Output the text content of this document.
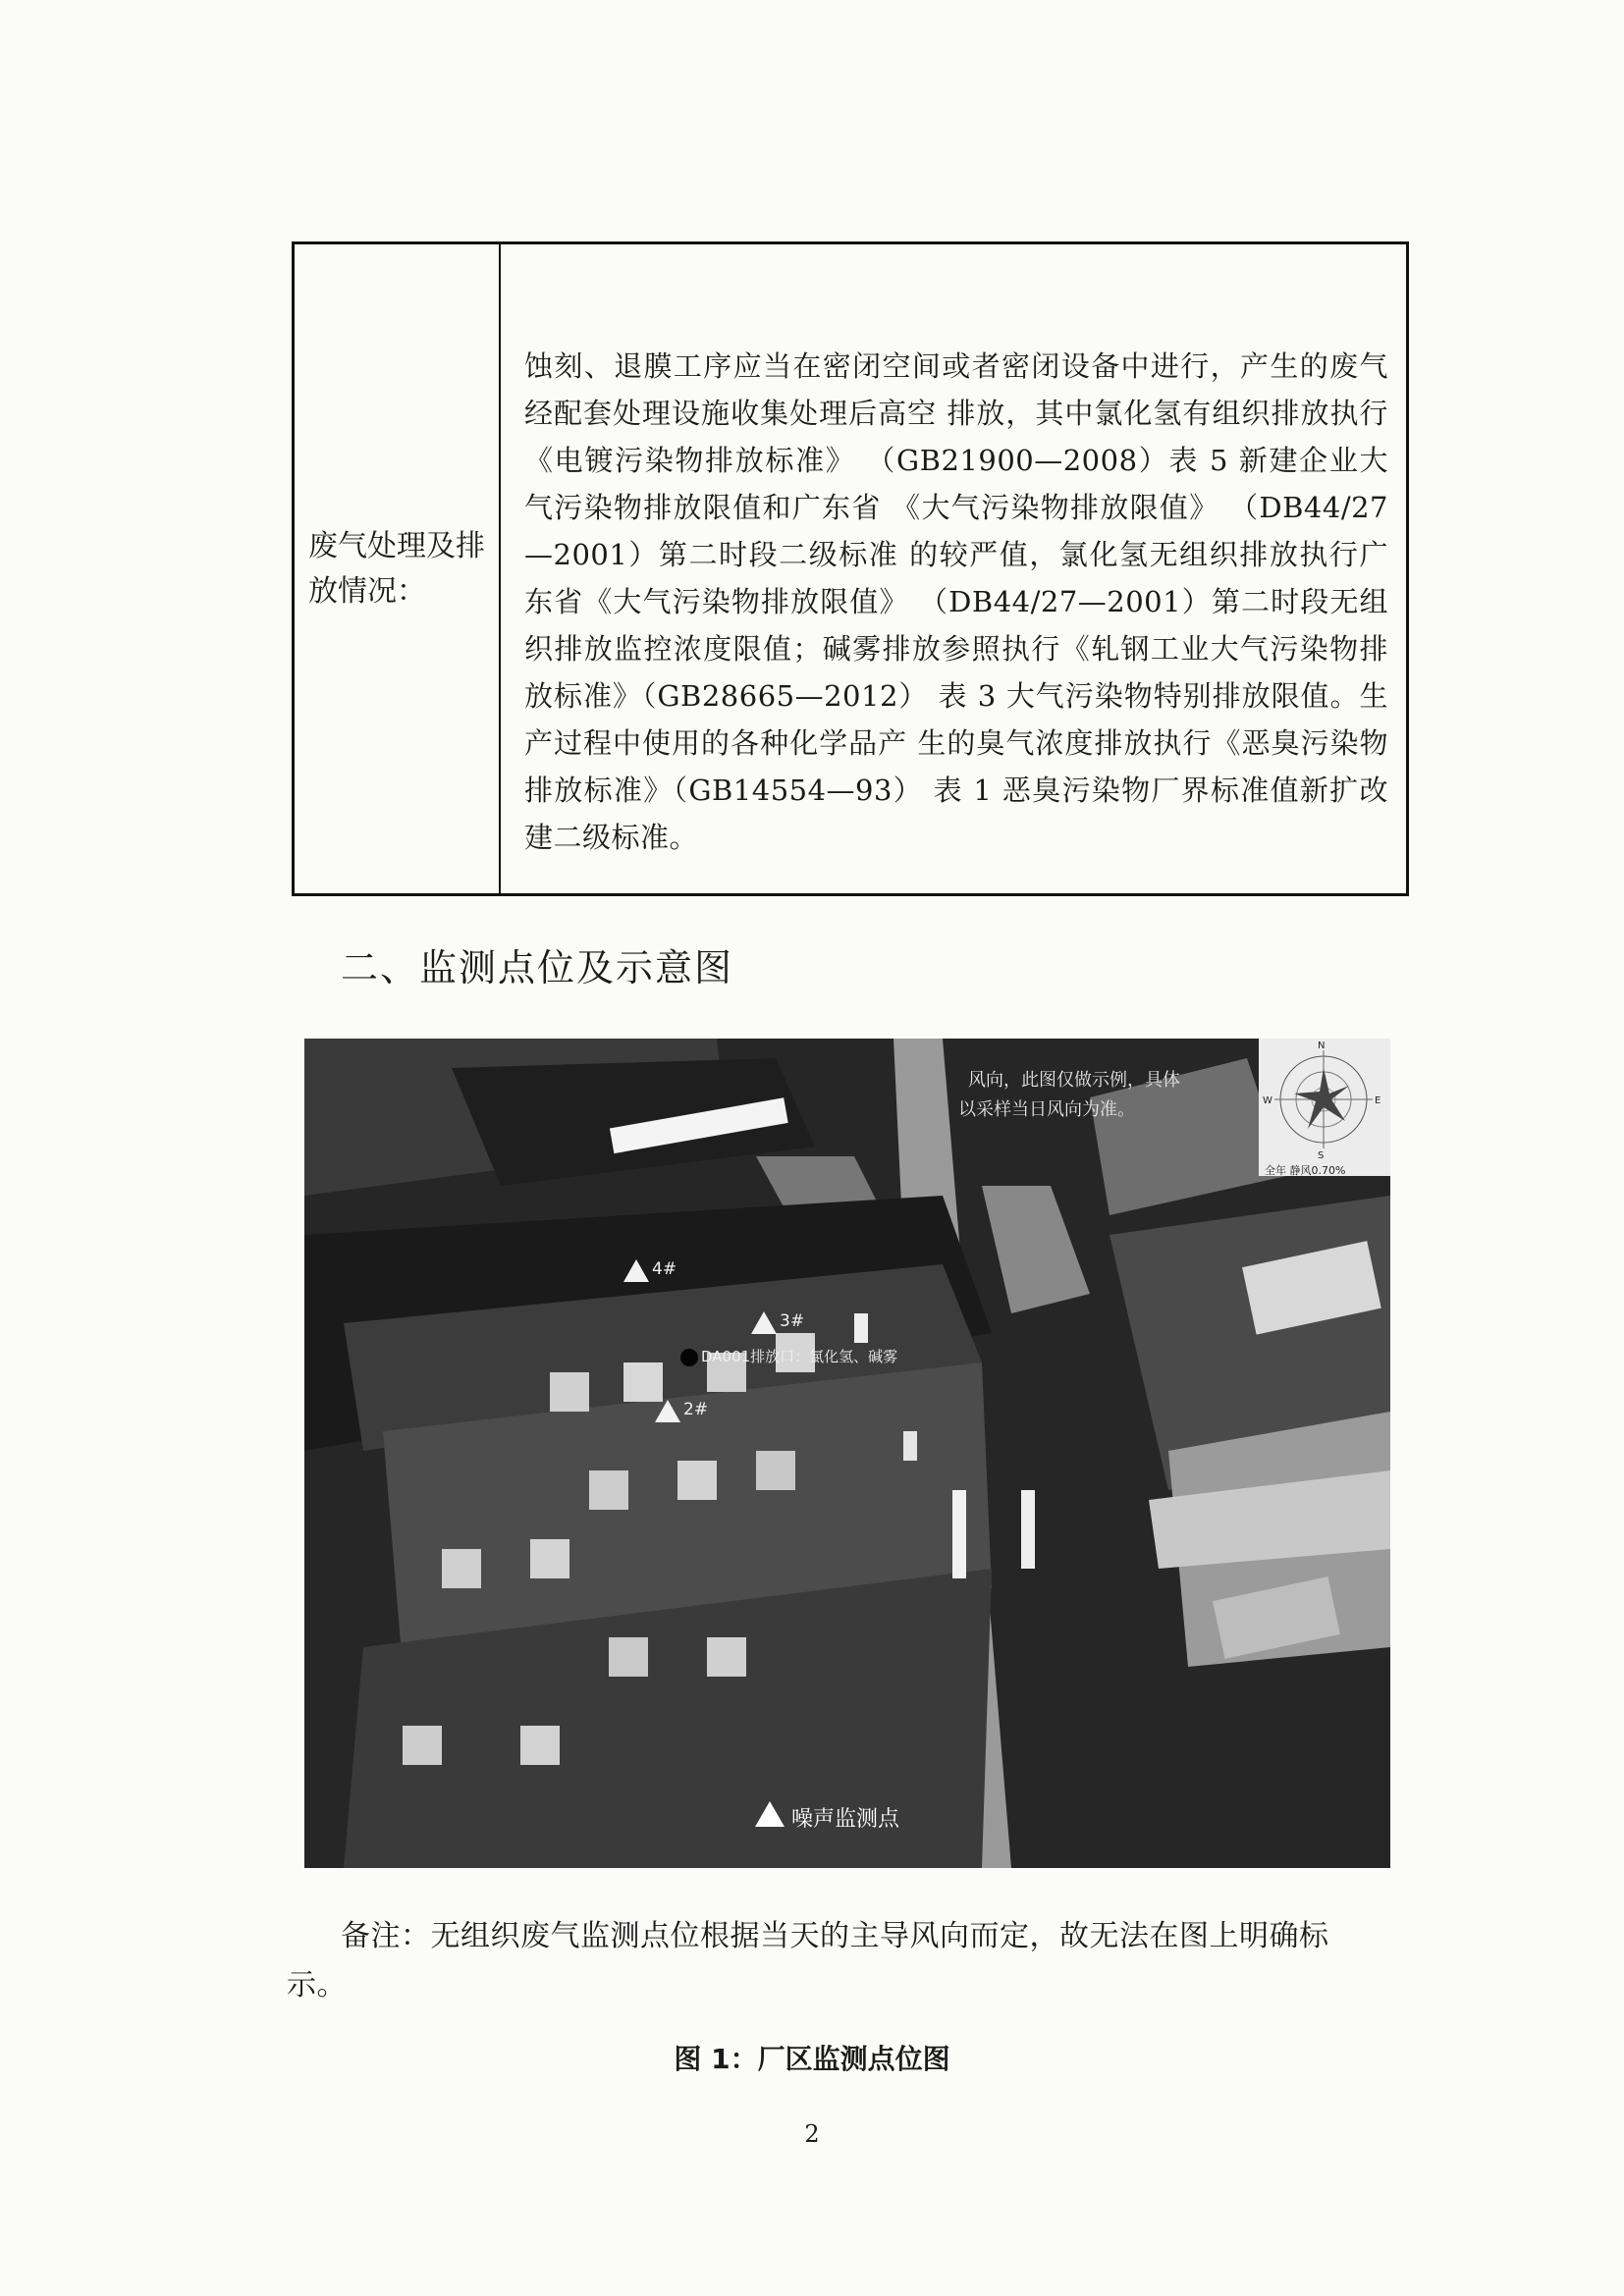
废气处理及排放情况：
蚀刻、退膜工序应当在密闭空间或者密闭设备中进行，产生的废气经配套处理设施收集处理后高空 排放，其中氯化氢有组织排放执行《电镀污染物排放标准》 （GB21900—2008）表 5 新建企业大气污染物排放限值和广东省 《大气污染物排放限值》 （DB44/27—2001）第二时段二级标准 的较严值，氯化氢无组织排放执行广东省《大气污染物排放限值》 （DB44/27—2001）第二时段无组织排放监控浓度限值；碱雾排放参照执行《轧钢工业大气污染物排放标准》（GB28665—2012） 表 3 大气污染物特别排放限值。生产过程中使用的各种化学品产 生的臭气浓度排放执行《恶臭污染物排放标准》（GB14554—93） 表 1 恶臭污染物厂界标准值新扩改建二级标准。
二、监测点位及示意图
风向，此图仅做示例，具体
以采样当日风向为准。
N
S
W	E
全年 静风0.70%
4#
3#
2#
DA001排放口：氯化氢、碱雾
噪声监测点
备注：无组织废气监测点位根据当天的主导风向而定，故无法在图上明确标
示。
图 1：厂区监测点位图
2
